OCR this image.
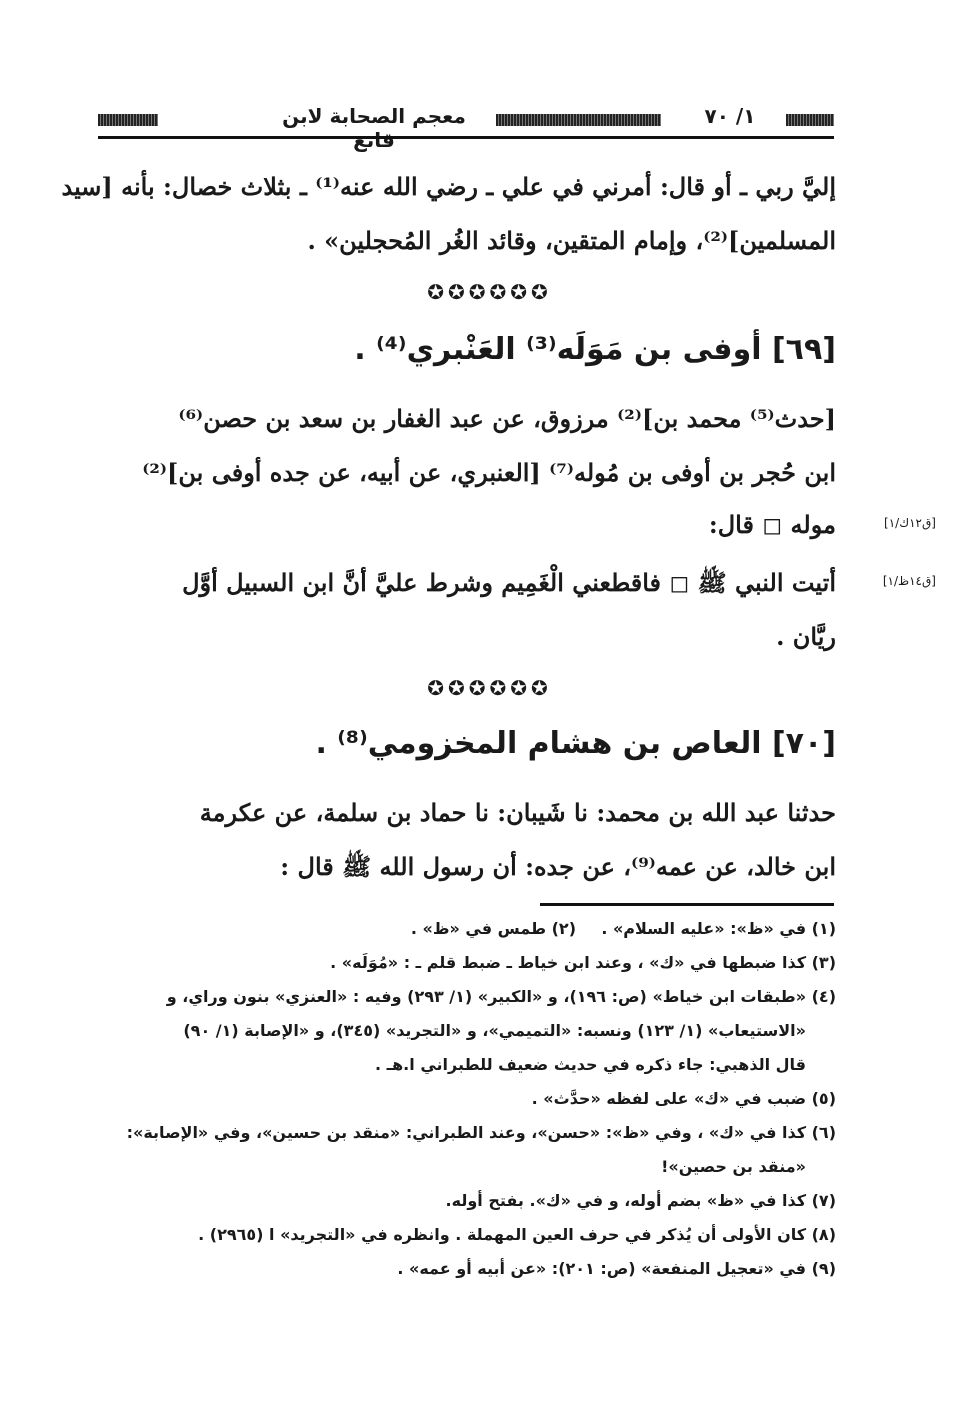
معجم الصحابة لابن قانع
١/ ٧٠
إليَّ ربي ـ أو قال: أمرني في علي ـ رضي الله عنه⁽¹⁾ ـ بثلاث خصال: بأنه [سيد
المسلمين]⁽²⁾، وإمام المتقين، وقائد الغُر المُحجلين» .
✪✪✪✪✪✪
[٦٩] أوفى بن مَوَلَه⁽³⁾ العَنْبري⁽⁴⁾ .
[حدث⁽⁵⁾ محمد بن]⁽²⁾ مرزوق، عن عبد الغفار بن سعد بن حصن⁽⁶⁾
ابن حُجر بن أوفى بن مُوله⁽⁷⁾ [العنبري، عن أبيه، عن جده أوفى بن]⁽²⁾
موله ◻ قال:	[ق١٢ك/١]
أتيت النبي ﷺ ◻ فاقطعني الْغَمِيم وشرط عليَّ أنَّ ابن السبيل أوَّل
ريَّان .
[ق١٤ظ/١]
✪✪✪✪✪✪
[٧٠] العاص بن هشام المخزومي⁽⁸⁾ .
حدثنا عبد الله بن محمد: نا شَيبان: نا حماد بن سلمة، عن عكرمة
ابن خالد، عن عمه⁽⁹⁾، عن جده: أن رسول الله ﷺ قال :
(١) في «ظ»: «عليه السلام» .(٢) طمس في «ظ» .
(٣) كذا ضبطها في «ك» ، وعند ابن خياط ـ ضبط قلم ـ : «مُوَلَه» .
(٤) «طبقات ابن خياط» (ص: ١٩٦)، و «الكبير» (١/ ٢٩٣) وفيه : «العنزي» بنون وراي، و
«الاستيعاب» (١/ ١٢٣) ونسبه: «التميمي»، و «التجريد» (٣٤٥)، و «الإصابة (١/ ٩٠)
قال الذهبي: جاء ذكره في حديث ضعيف للطبراني ا.هـ .
(٥) ضبب في «ك» على لفظه «حدَّث» .
(٦) كذا في «ك» ، وفي «ظ»: «حسن»، وعند الطبراني: «منقد بن حسين»، وفي «الإصابة»:
«منقد بن حصين»!
(٧) كذا في «ظ» بضم أوله، و في «ك». بفتح أوله.
(٨) كان الأولى أن يُذكر في حرف العين المهملة . وانظره في «التجريد» ا (٢٩٦٥) .
(٩) في «تعجيل المنفعة» (ص: ٢٠١): «عن أبيه أو عمه» .
